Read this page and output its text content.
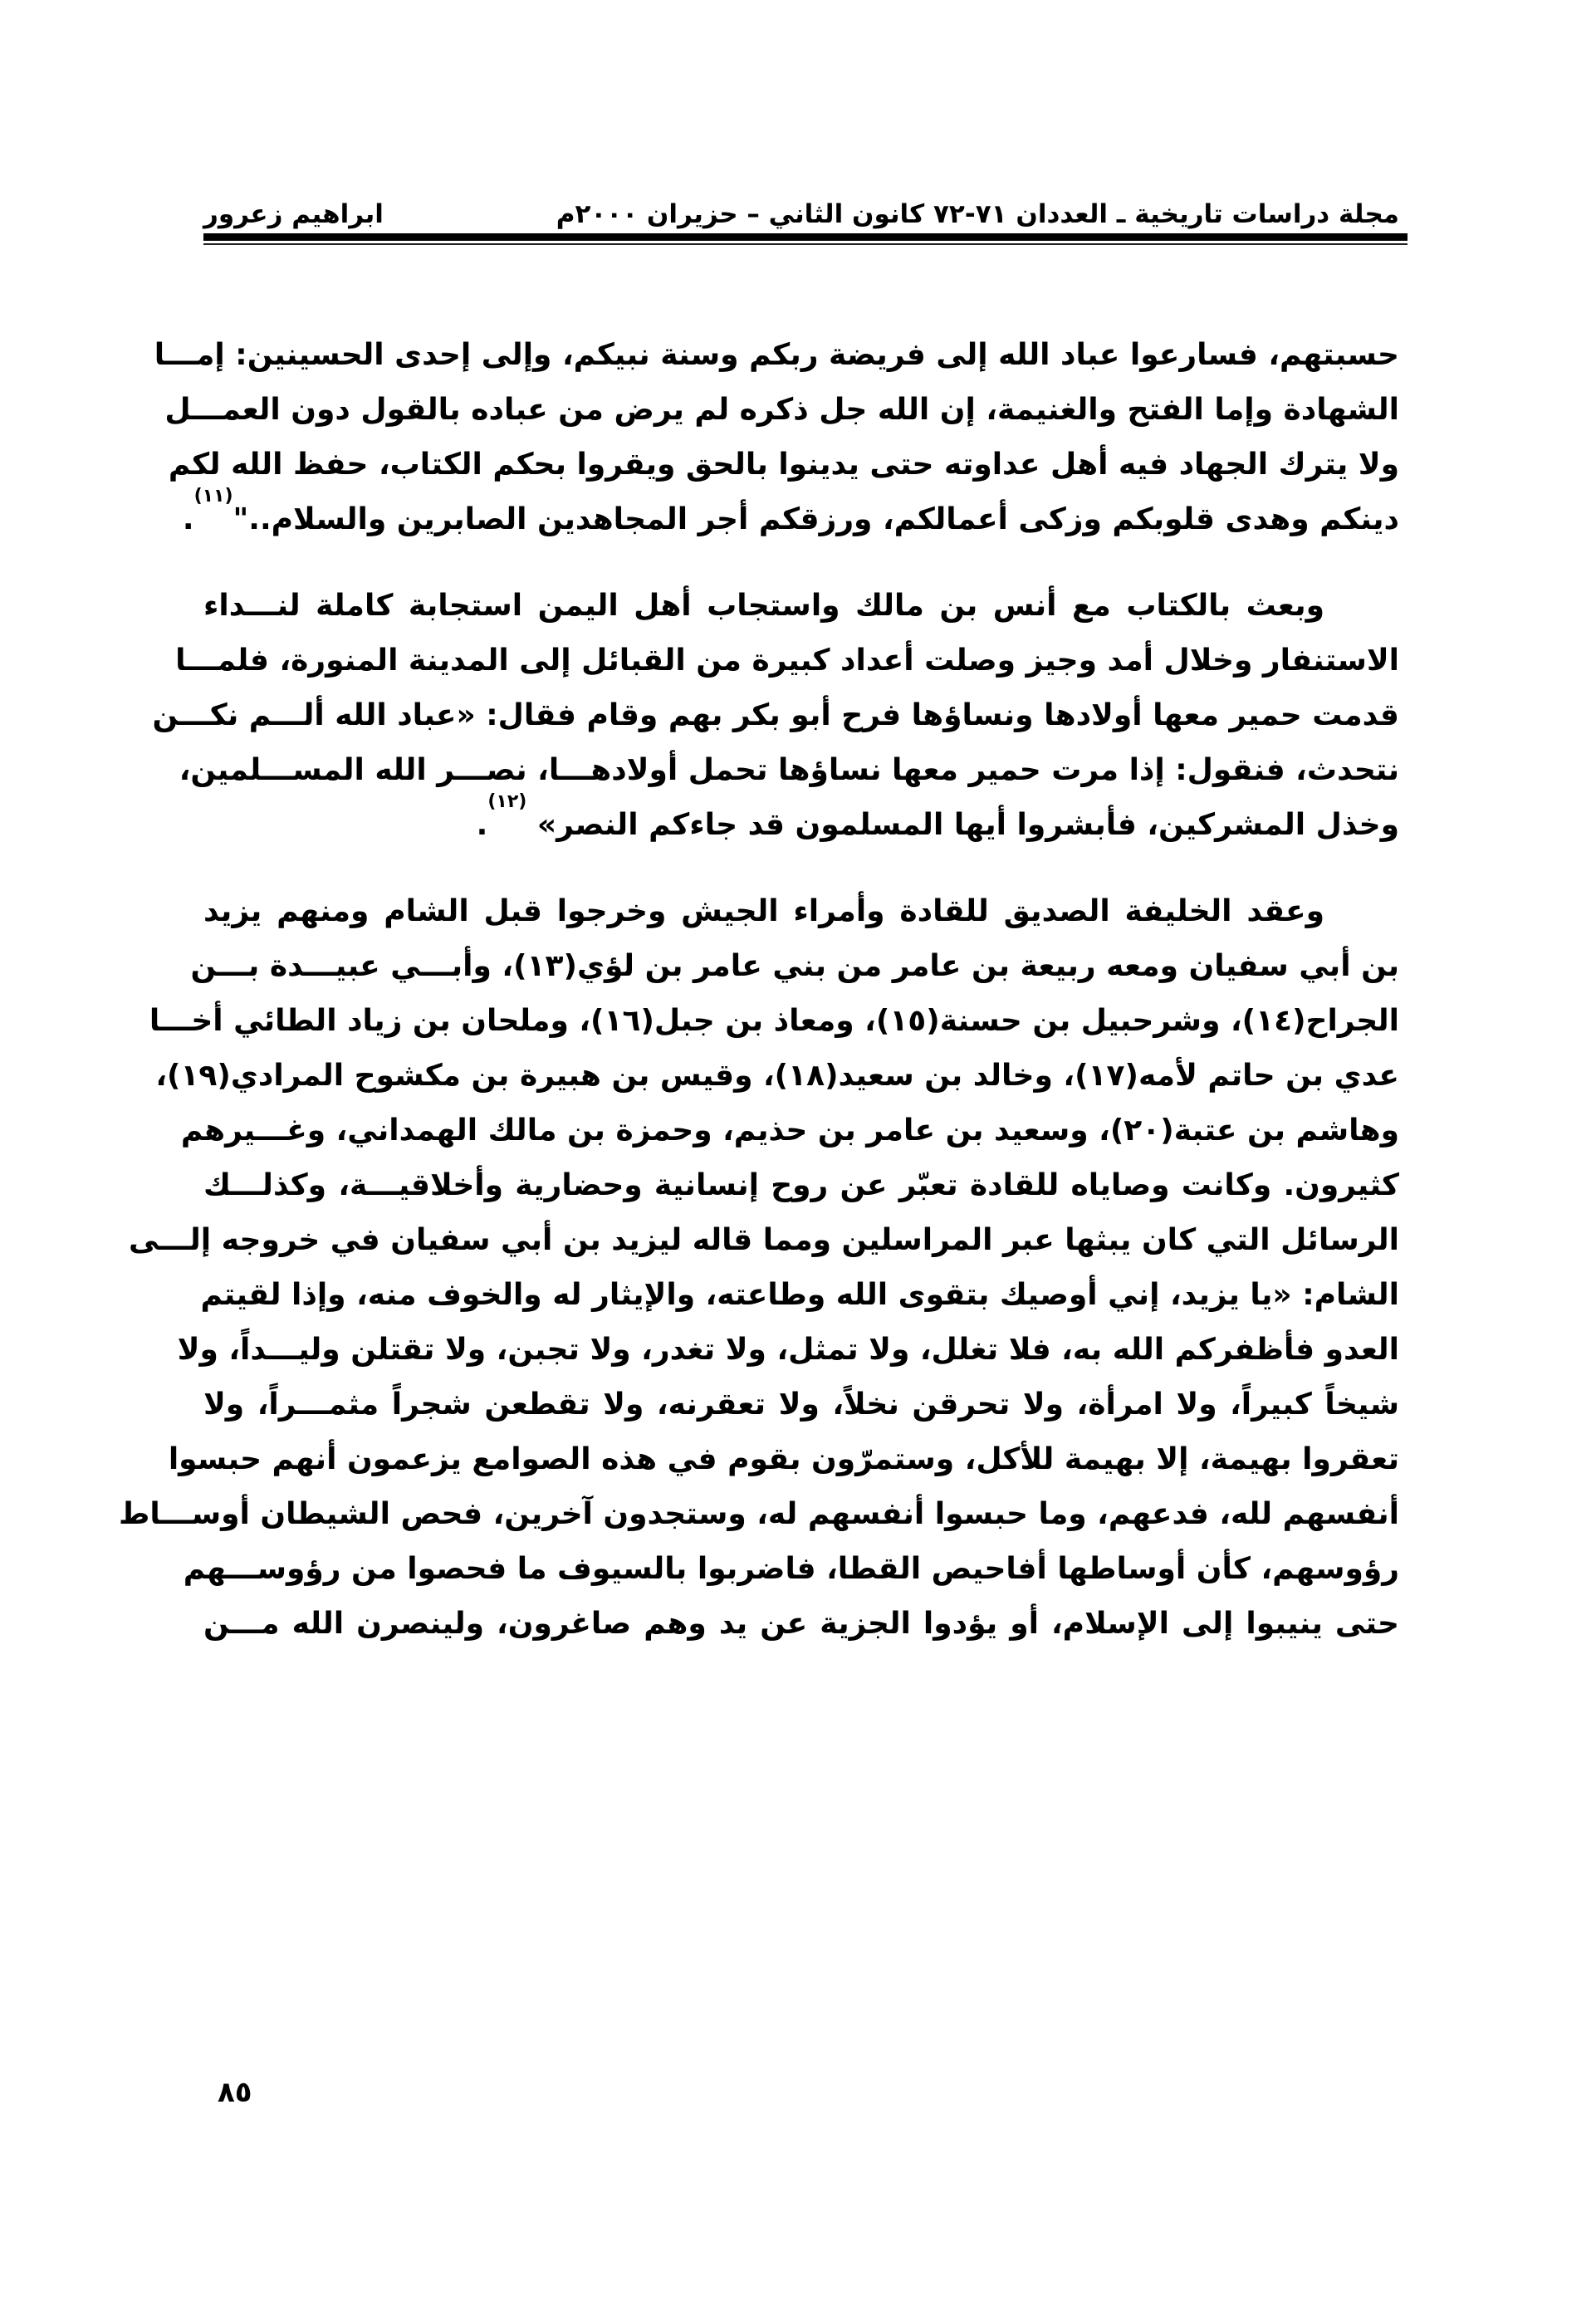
مجلة دراسات تاريخية ـ العددان ٧١-٧٢ كانون الثاني – حزيران ٢٠٠٠م
ابراهيم زعرور

حسبتهم، فسارعوا عباد الله إلى فريضة ربكم وسنة نبيكم، وإلى إحدى الحسينين: إمـــا
الشهادة وإما الفتح والغنيمة، إن الله جل ذكره لم يرض من عباده بالقول دون العمـــل
ولا يترك الجهاد فيه أهل عداوته حتى يدينوا بالحق ويقروا بحكم الكتاب، حفظ الله لكم
دينكم وهدى قلوبكم وزكى أعمالكم، ورزقكم أجر المجاهدين الصابرين والسلام.."$^{(١١)}$.

وبعث بالكتاب مع أنس بن مالك واستجاب أهل اليمن استجابة كاملة لنـــداء
الاستنفار وخلال أمد وجيز وصلت أعداد كبيرة من القبائل إلى المدينة المنورة، فلمـــا
قدمت حمير معها أولادها ونساؤها فرح أبو بكر بهم وقام فقال: «عباد الله ألـــم نكـــن
نتحدث، فنقول: إذا مرت حمير معها نساؤها تحمل أولادهـــا، نصـــر الله المســـلمين،
وخذل المشركين، فأبشروا أيها المسلمون قد جاءكم النصر» $^{(١٢)}$.

وعقد الخليفة الصديق للقادة وأمراء الجيش وخرجوا قبل الشام ومنهم يزيد
بن أبي سفيان ومعه ربيعة بن عامر من بني عامر بن لؤي(١٣)، وأبـــي عبيـــدة بـــن
الجراح(١٤)، وشرحبيل بن حسنة(١٥)، ومعاذ بن جبل(١٦)، وملحان بن زياد الطائي أخـــا
عدي بن حاتم لأمه(١٧)، وخالد بن سعيد(١٨)، وقيس بن هبيرة بن مكشوح المرادي(١٩)،
وهاشم بن عتبة(٢٠)، وسعيد بن عامر بن حذيم، وحمزة بن مالك الهمداني، وغـــيرهم
كثيرون. وكانت وصاياه للقادة تعبّر عن روح إنسانية وحضارية وأخلاقيـــة، وكذلـــك
الرسائل التي كان يبثها عبر المراسلين ومما قاله ليزيد بن أبي سفيان في خروجه إلـــى
الشام: «يا يزيد، إني أوصيك بتقوى الله وطاعته، والإيثار له والخوف منه، وإذا لقيتم
العدو فأظفركم الله به، فلا تغلل، ولا تمثل، ولا تغدر، ولا تجبن، ولا تقتلن وليـــداً، ولا
شيخاً كبيراً، ولا امرأة، ولا تحرقن نخلاً، ولا تعقرنه، ولا تقطعن شجراً مثمـــراً، ولا
تعقروا بهيمة، إلا بهيمة للأكل، وستمرّون بقوم في هذه الصوامع يزعمون أنهم حبسوا
أنفسهم لله، فدعهم، وما حبسوا أنفسهم له، وستجدون آخرين، فحص الشيطان أوســـاط
رؤوسهم، كأن أوساطها أفاحيص القطا، فاضربوا بالسيوف ما فحصوا من رؤوســـهم
حتى ينيبوا إلى الإسلام، أو يؤدوا الجزية عن يد وهم صاغرون، ولينصرن الله مـــن

٨٥
